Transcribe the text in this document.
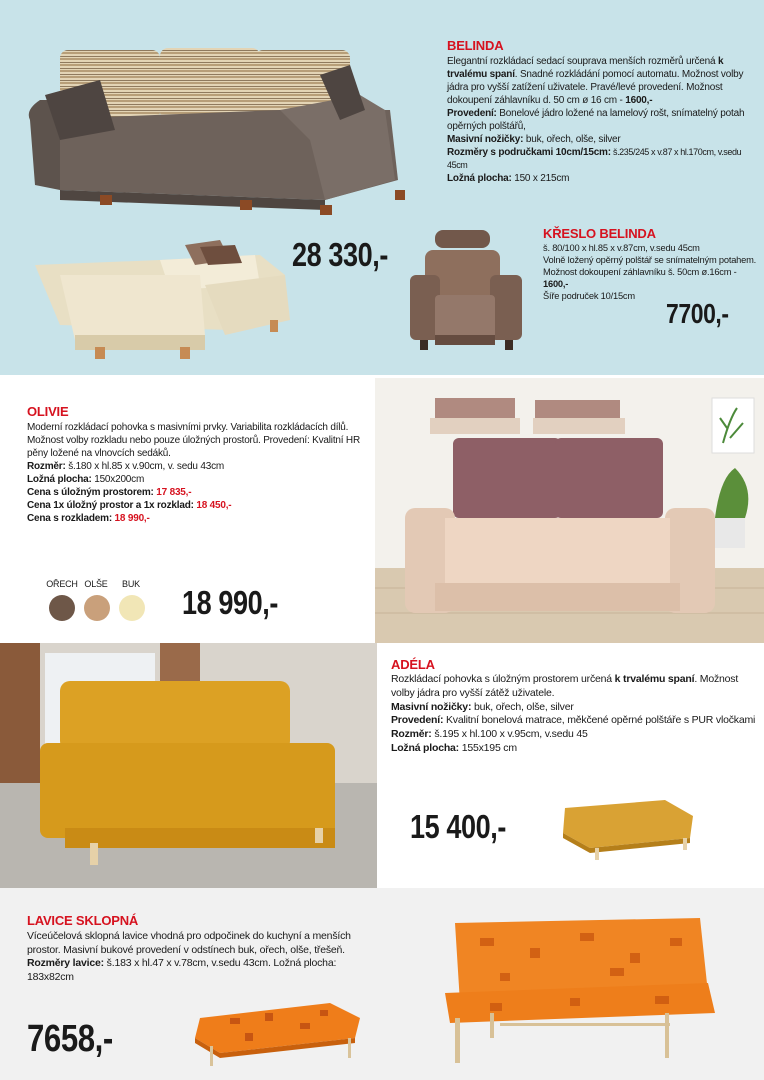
BELINDA
Elegantní rozkládací sedací souprava menších rozměrů určená k trvalému spaní. Snadné rozkládání pomocí automatu. Možnost volby jádra pro vyšší zatížení uživatele. Pravé/levé provedení. Možnost dokoupení záhlavníku d. 50 cm ø 16 cm - 1600,-
Provedení: Bonelové jádro ložené na lamelový rošt, snímatelný potah opěrných polštářů,
Masivní nožičky: buk, ořech, olše, silver
Rozměry s područkami 10cm/15cm: š.235/245 x v.87 x hl.170cm, v.sedu 45cm
Ložná plocha: 150 x 215cm
28 330,-
KŘESLO BELINDA
š. 80/100 x hl.85 x v.87cm, v.sedu 45cm
Volně ložený opěrný polštář se snímatelným potahem.
Možnost dokoupení záhlavníku š. 50cm ø.16cm - 1600,-
Šíře područek 10/15cm
7700,-
OLIVIE
Moderní rozkládací pohovka s masivními prvky. Variabilita rozkládacích dílů. Možnost volby rozkladu nebo pouze úložných prostorů. Provedení: Kvalitní HR pěny ložené na vlnovcích sedáků.
Rozměr: š.180 x hl.85 x v.90cm, v. sedu 43cm
Ložná plocha: 150x200cm
Cena s úložným prostorem: 17 835,-
Cena 1x úložný prostor a 1x rozklad: 18 450,-
Cena s rozkladem: 18 990,-
OŘECH OLŠE	BUK	18 990,-
ADÉLA
Rozkládací pohovka s úložným prostorem určená k trvalému spaní. Možnost volby jádra pro vyšší zátěž uživatele.
Masivní nožičky: buk, ořech, olše, silver
Provedení: Kvalitní bonelová matrace, měkčené opěrné polštáře s PUR vločkami
Rozměr: š.195 x hl.100 x v.95cm, v.sedu 45
Ložná plocha: 155x195 cm
15 400,-
LAVICE SKLOPNÁ
Víceúčelová sklopná lavice vhodná pro odpočinek do kuchyní a menších prostor. Masivní bukové provedení v odstínech buk, ořech, olše, třešeň.
Rozměry lavice: š.183 x hl.47 x v.78cm, v.sedu 43cm. Ložná plocha: 183x82cm
7658,-
